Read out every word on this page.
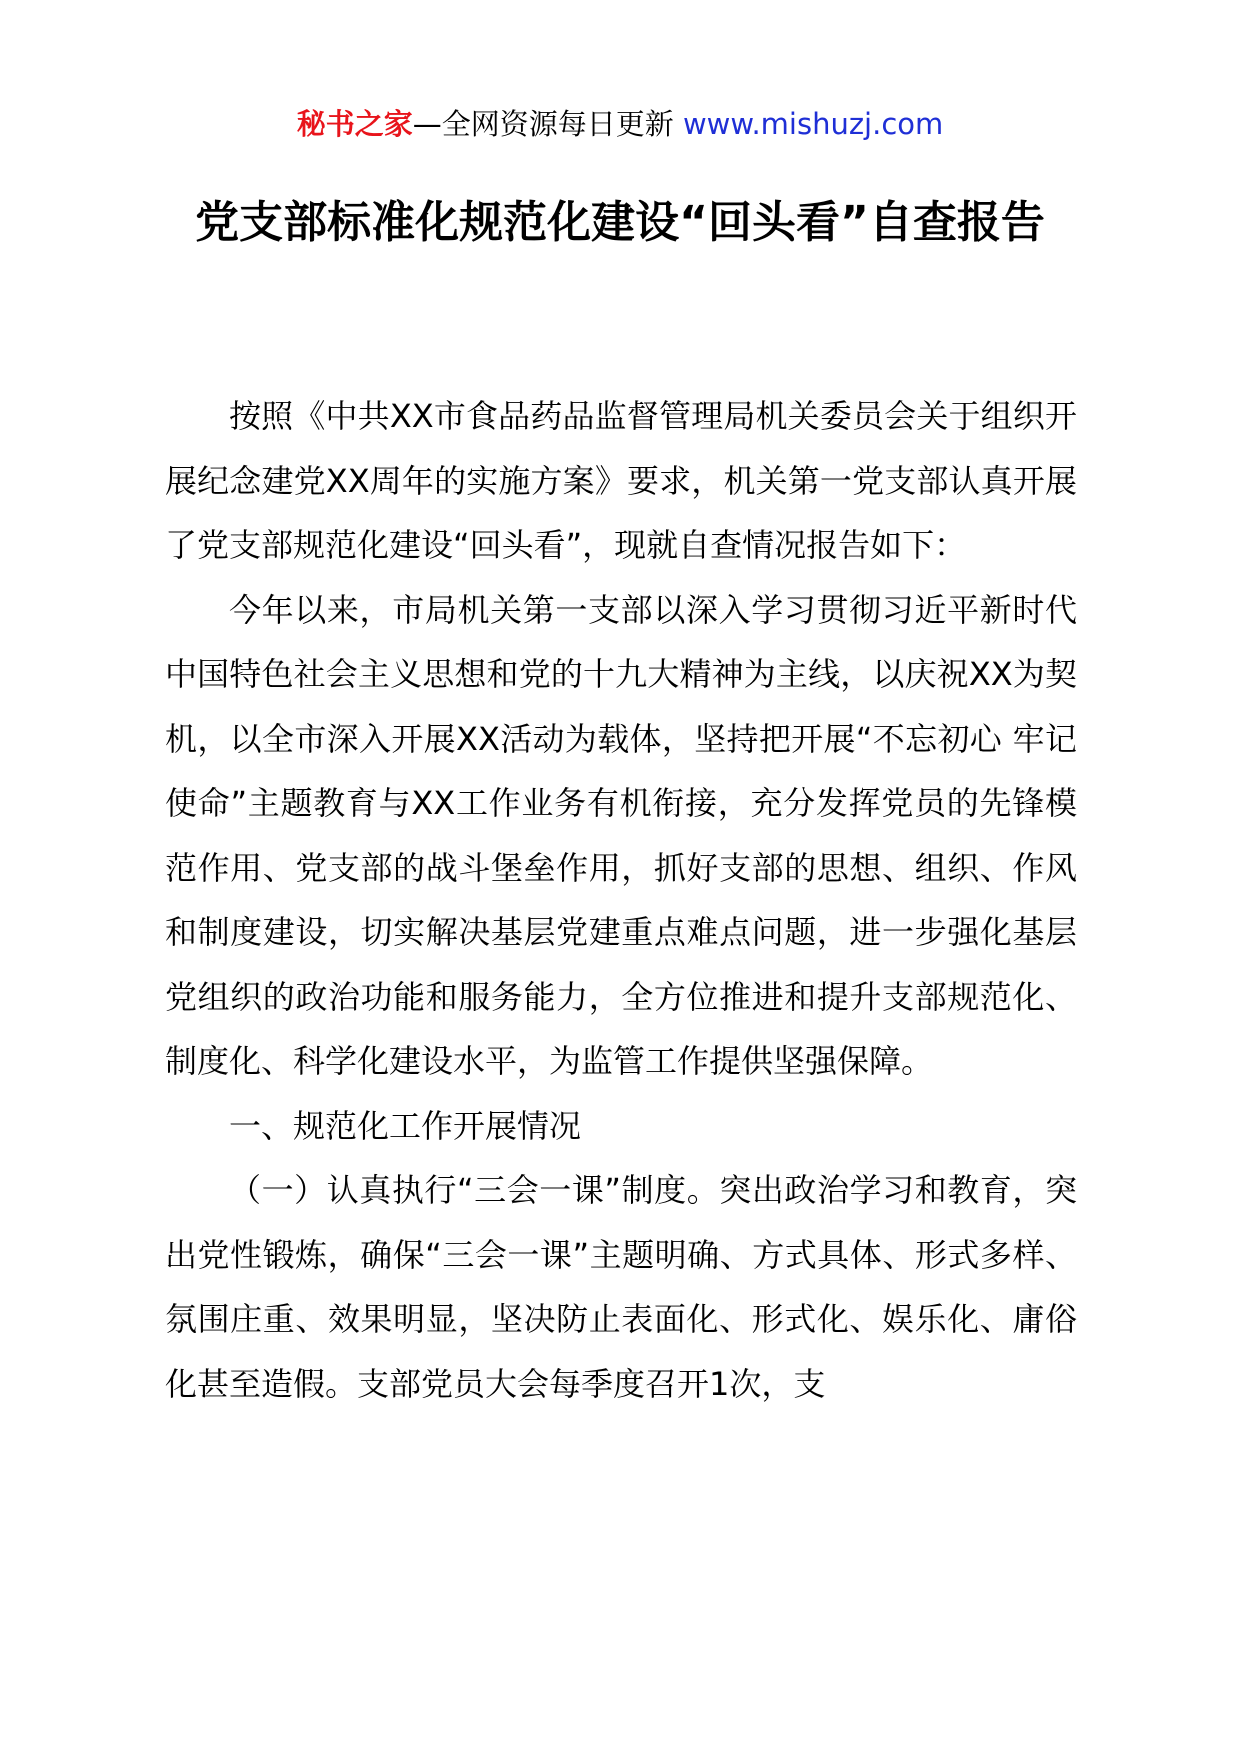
秘书之家—全网资源每日更新 www.mishuzj.com
党支部标准化规范化建设“回头看”自查报告

按照《中共XX市食品药品监督管理局机关委员会关于组织开展纪念建党XX周年的实施方案》要求，机关第一党支部认真开展了党支部规范化建设“回头看”，现就自查情况报告如下：

今年以来，市局机关第一支部以深入学习贯彻习近平新时代中国特色社会主义思想和党的十九大精神为主线，以庆祝XX为契机，以全市深入开展XX活动为载体，坚持把开展“不忘初心 牢记使命”主题教育与XX工作业务有机衔接，充分发挥党员的先锋模范作用、党支部的战斗堡垒作用，抓好支部的思想、组织、作风和制度建设，切实解决基层党建重点难点问题，进一步强化基层党组织的政治功能和服务能力，全方位推进和提升支部规范化、制度化、科学化建设水平，为监管工作提供坚强保障。

一、规范化工作开展情况

（一）认真执行“三会一课”制度。突出政治学习和教育，突出党性锻炼，确保“三会一课”主题明确、方式具体、形式多样、氛围庄重、效果明显，坚决防止表面化、形式化、娱乐化、庸俗化甚至造假。支部党员大会每季度召开1次，支
